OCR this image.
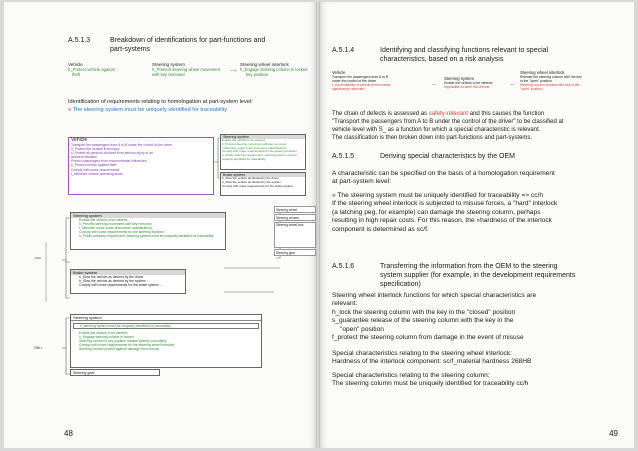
A.5.1.3	Breakdown of identifications for part-functions and
part-systems
Vehicle
h_Protect vehicle against
theft
Steering system
h_Prevent steering wheel movement
with key removed
—>
Steering wheel interlock
h_Engage steering column in locked
key position
Identification of requirements relating to homologation at part-system level:
» The steering system must be uniquely identified for traceability
Vehicle
Transport the passengers from A to B under the control of the driver
h_Protect the vehicle from injury
k_Protect all persons involved from serious injury in an
accident situation
Protect passengers from environmental influences
h_Protect vehicle against theft
Comply with noise requirements
f_Minimize vehicle operating costs
Steering system
Enable the vehicle to be steered
h_Prevent steering movement with key removed
f_Minimize repair costs (insurance classification)
Comply with noise requirements for the steering function
h_Public authority requirement: steering system must be
uniquely identified for traceability
Brake system
h_Slow the vehicle as desired by the driver
h_Slow the vehicle as desired by the system
Comply with noise requirements for the brake system
ccc
Steering system
Enable the vehicle to be steered
h_Prevent steering movement with key removed
f_Minimize repair costs (insurance classification)
Comply with noise requirements for the steering function
h_Public authority requirement: steering system must be uniquely identified for traceability
Steering wheel
Steering column
Steering wheel lock
Steering gear
Brake system
h_Slow the vehicle as desired by the driver
h_Slow the vehicle as desired by the system
Comply with noise requirements for the brake system ...
SBu
Steering system
h_steering system must be uniquely identified for traceability
Enable the vehicle to be steered
h_Engage steering column in locked
Steering column in key position release speedy and safely
Comply with noise requirements for the steering wheel interlock
Steering column protect against damage from misuse
Steering gear
48
A.5.1.4	Identifying and classifying functions relevant to special
characteristics, based on a risk analysis
Vehicle
Transport the passengers from A to B
under the control of the driver
f_Controllability of vehicle performance
significantly restricted
—
Steering system
Enable the vehicle to be steered
impossible to steer the vehicle
—
Steering wheel interlock
Release the steering column with the key
in the "open" position
Steering column blocked with key in the
"open" position
The chain of defects is assessed as safety-relevant and this causes the function
"Transport the passengers from A to B under the control of the driver" to be classified at
vehicle level with S_ as a function for which a special characteristic is relevant.
The classification is then broken down into part-functions and part-systems.
A.5.1.5	Deriving special characteristics by the OEM
A characteristic can be specified on the basis of a homologation requirement
at part-system level:
» The steering system must be uniquely identified for traceability => cc/h
If the steering wheel interlock is subjected to misuse forces, a "hard" interlock
(a latching peg, for example) can damage the steering column, perhaps
resulting in high repair costs. For this reason, the »hardness of the interlock
component is determined as sc/f.
A.5.1.6	Transferring the information from the OEM to the steering
system supplier (for example, in the development requirements
specification)
Steering wheel interlock functions for which special characteristics are
relevant:
h_lock the steering column with the key in the "closed" position
s_guarantee release of the steering column with the key in the
"open" position
f_protect the steering column from damage in the event of misuse
Special characteristics relating to the steering wheel interlock:
Hardness of the interlock component: sc/f_material hardness 268HB
Special characteristics relating to the steering column:
The steering column must be uniquely identified for traceability cc/h
49
